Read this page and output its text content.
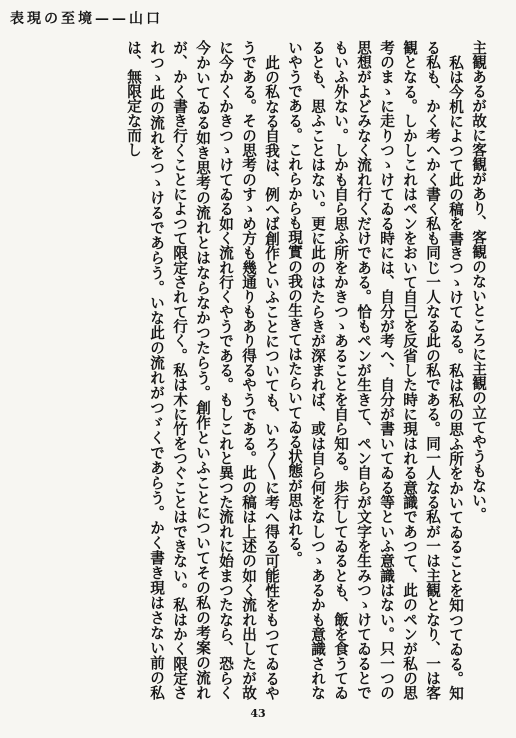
表現の至境——山口

主観あるが故に客観があり、客観のないところに主観の立てやうもない。

私は今机によつて此の稿を書きつゝけてゐる。私は私の思ふ所をかいてゐることを知つてゐる。知る私も、かく考へかく書く私も同じ一人なる此の私である。同一人なる私が一は主観となり、一は客観となる。しかしこれはペンをおいて自己を反省した時に現はれる意識であつて、此のペンが私の思考のまゝに走りつゝけてゐる時には、自分が考へ、自分が書いてゐる等といふ意識はない。只一つの思想がよどみなく流れ行くだけである。恰もペンが生きて、ペン自らが文字を生みつゝけてゐるとでもいふ外ない。しかも自ら思ふ所をかきつゝあることを自ら知る。歩行してゐるとも、飯を食うてゐるとも、思ふことはない。更に此のはたらきが深まれば、或は自ら何をなしつゝあるかも意識されないやうである。これらからも現實の我の生きてはたらいてゐる状態が思はれる。

此の私なる自我は、例へば創作といふことについても、いろ〳〵に考へ得る可能性をもつてゐるやうである。その思考のすゝめ方も幾通りもあり得るやうである。此の稿は上述の如く流れ出したが故に今かくかきつゝけてゐる如く流れ行くやうである。もしこれと異つた流れに始まつたなら、恐らく今かいてゐる如き思考の流れとはならなかつたらう。創作といふことについてその私の考案の流れが、かく書き行くことによつて限定されて行く。私は木に竹をつぐことはできない。私はかく限定されつゝ此の流れをつゝけるであらう。いな此の流れがつゞくであらう。かく書き現はさない前の私は、無限定な而し

43
